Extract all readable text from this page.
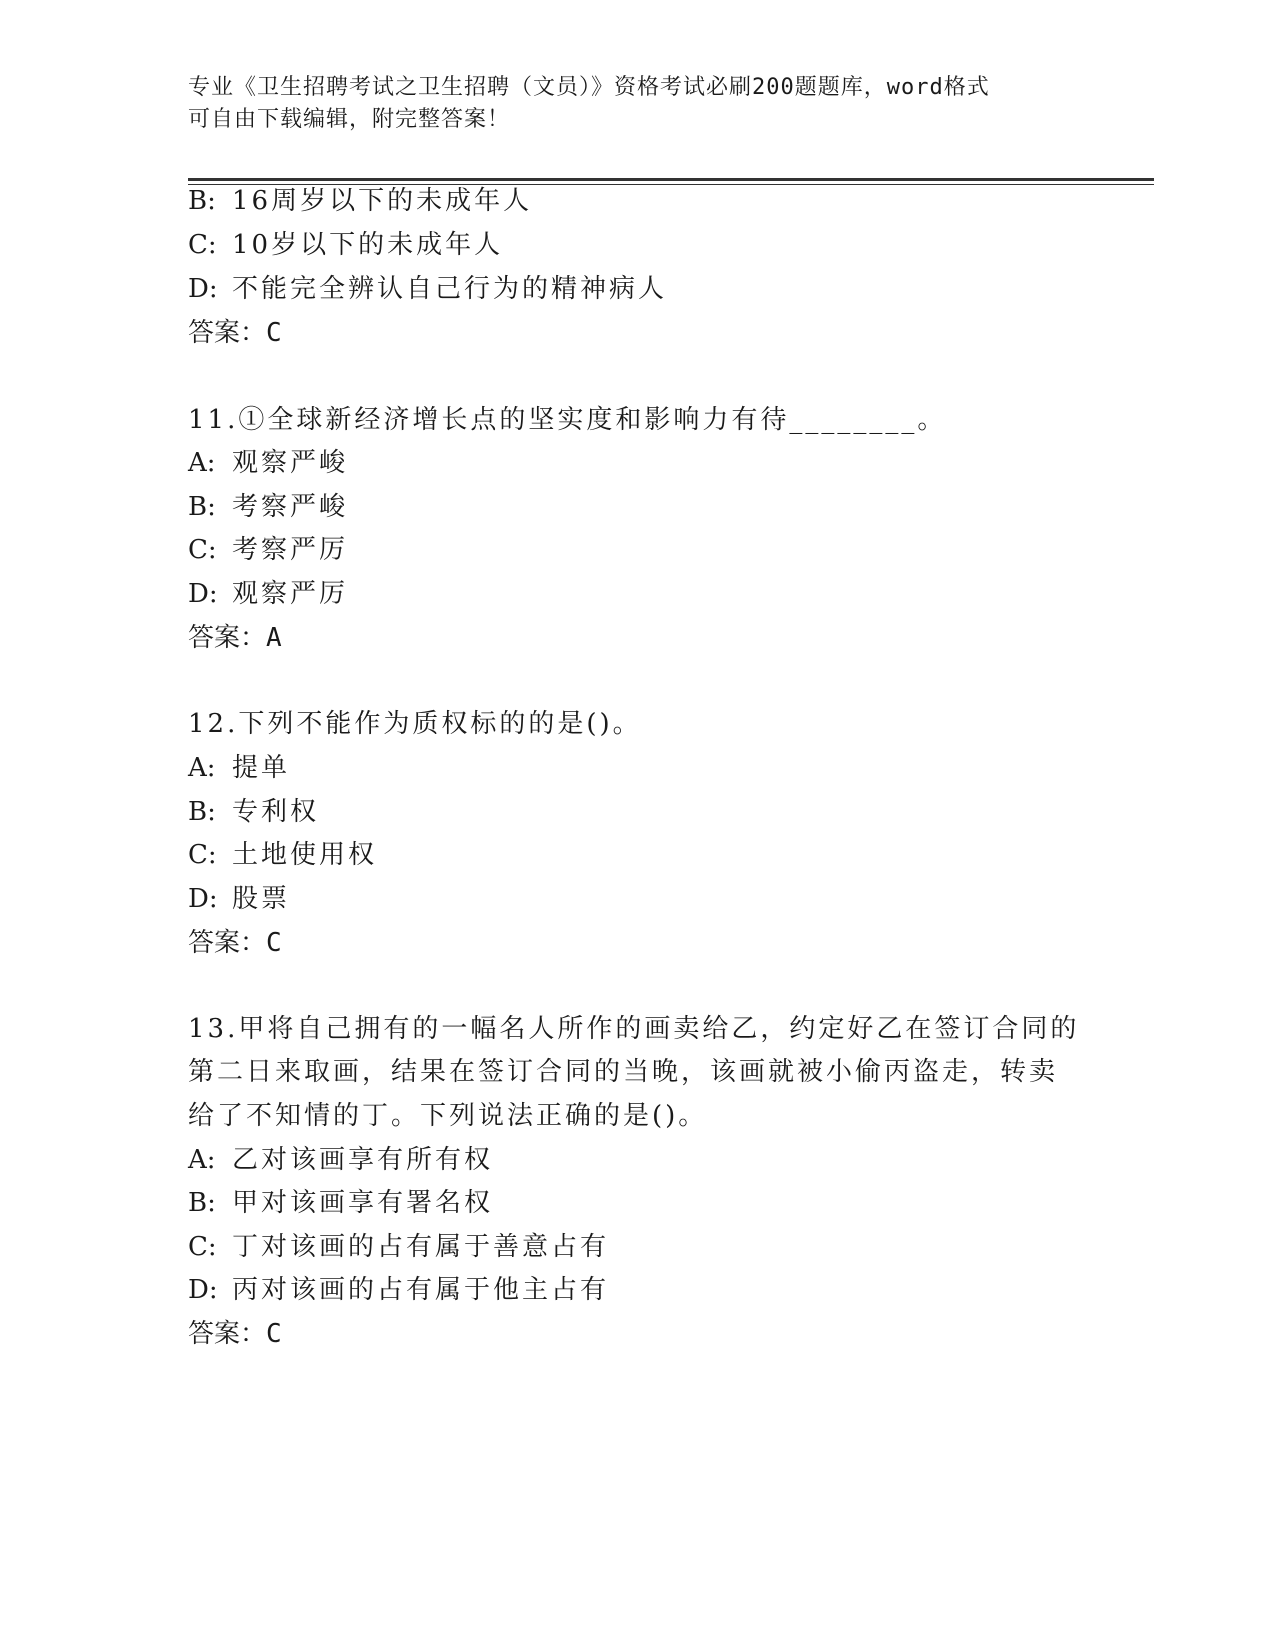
专业《卫生招聘考试之卫生招聘（文员）》资格考试必刷200题题库，word格式
可自由下载编辑，附完整答案！
B: 16周岁以下的未成年人
C: 10岁以下的未成年人
D: 不能完全辨认自己行为的精神病人
答案：C
11.①全球新经济增长点的坚实度和影响力有待________。
A: 观察严峻
B: 考察严峻
C: 考察严厉
D: 观察严厉
答案：A
12.下列不能作为质权标的的是()。
A: 提单
B: 专利权
C: 土地使用权
D: 股票
答案：C
13.甲将自己拥有的一幅名人所作的画卖给乙，约定好乙在签订合同的
第二日来取画，结果在签订合同的当晚，该画就被小偷丙盗走，转卖
给了不知情的丁。下列说法正确的是()。
A: 乙对该画享有所有权
B: 甲对该画享有署名权
C: 丁对该画的占有属于善意占有
D: 丙对该画的占有属于他主占有
答案：C
